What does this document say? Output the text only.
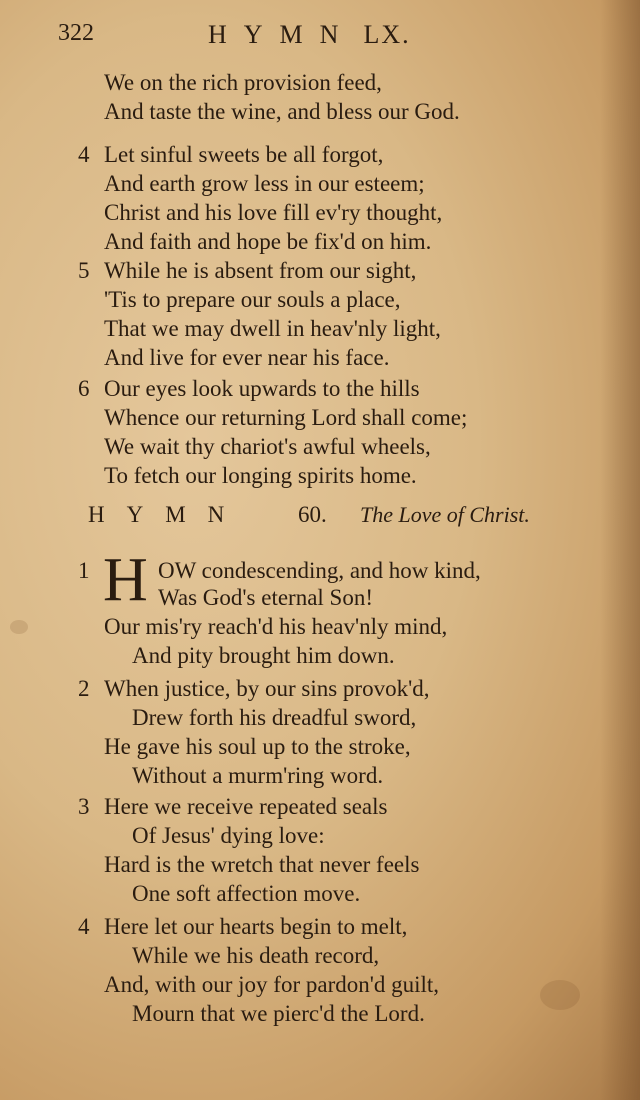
322	HYMN LX.
We on the rich provision feed,
And taste the wine, and bless our God.
4 Let sinful sweets be all forgot,
And earth grow less in our esteem;
Christ and his love fill ev'ry thought,
And faith and hope be fix'd on him.
5 While he is absent from our sight,
'Tis to prepare our souls a place,
That we may dwell in heav'nly light,
And live for ever near his face.
6 Our eyes look upwards to the hills
Whence our returning Lord shall come;
We wait thy chariot's awful wheels,
To fetch our longing spirits home.
HYMN 60. The Love of Christ.
1 H OW condescending, and how kind,
Was God's eternal Son!
Our mis'ry reach'd his heav'nly mind,
And pity brought him down.
2 When justice, by our sins provok'd,
Drew forth his dreadful sword,
He gave his soul up to the stroke,
Without a murm'ring word.
3 Here we receive repeated seals
Of Jesus' dying love:
Hard is the wretch that never feels
One soft affection move.
4 Here let our hearts begin to melt,
While we his death record,
And, with our joy for pardon'd guilt,
Mourn that we pierc'd the Lord.
